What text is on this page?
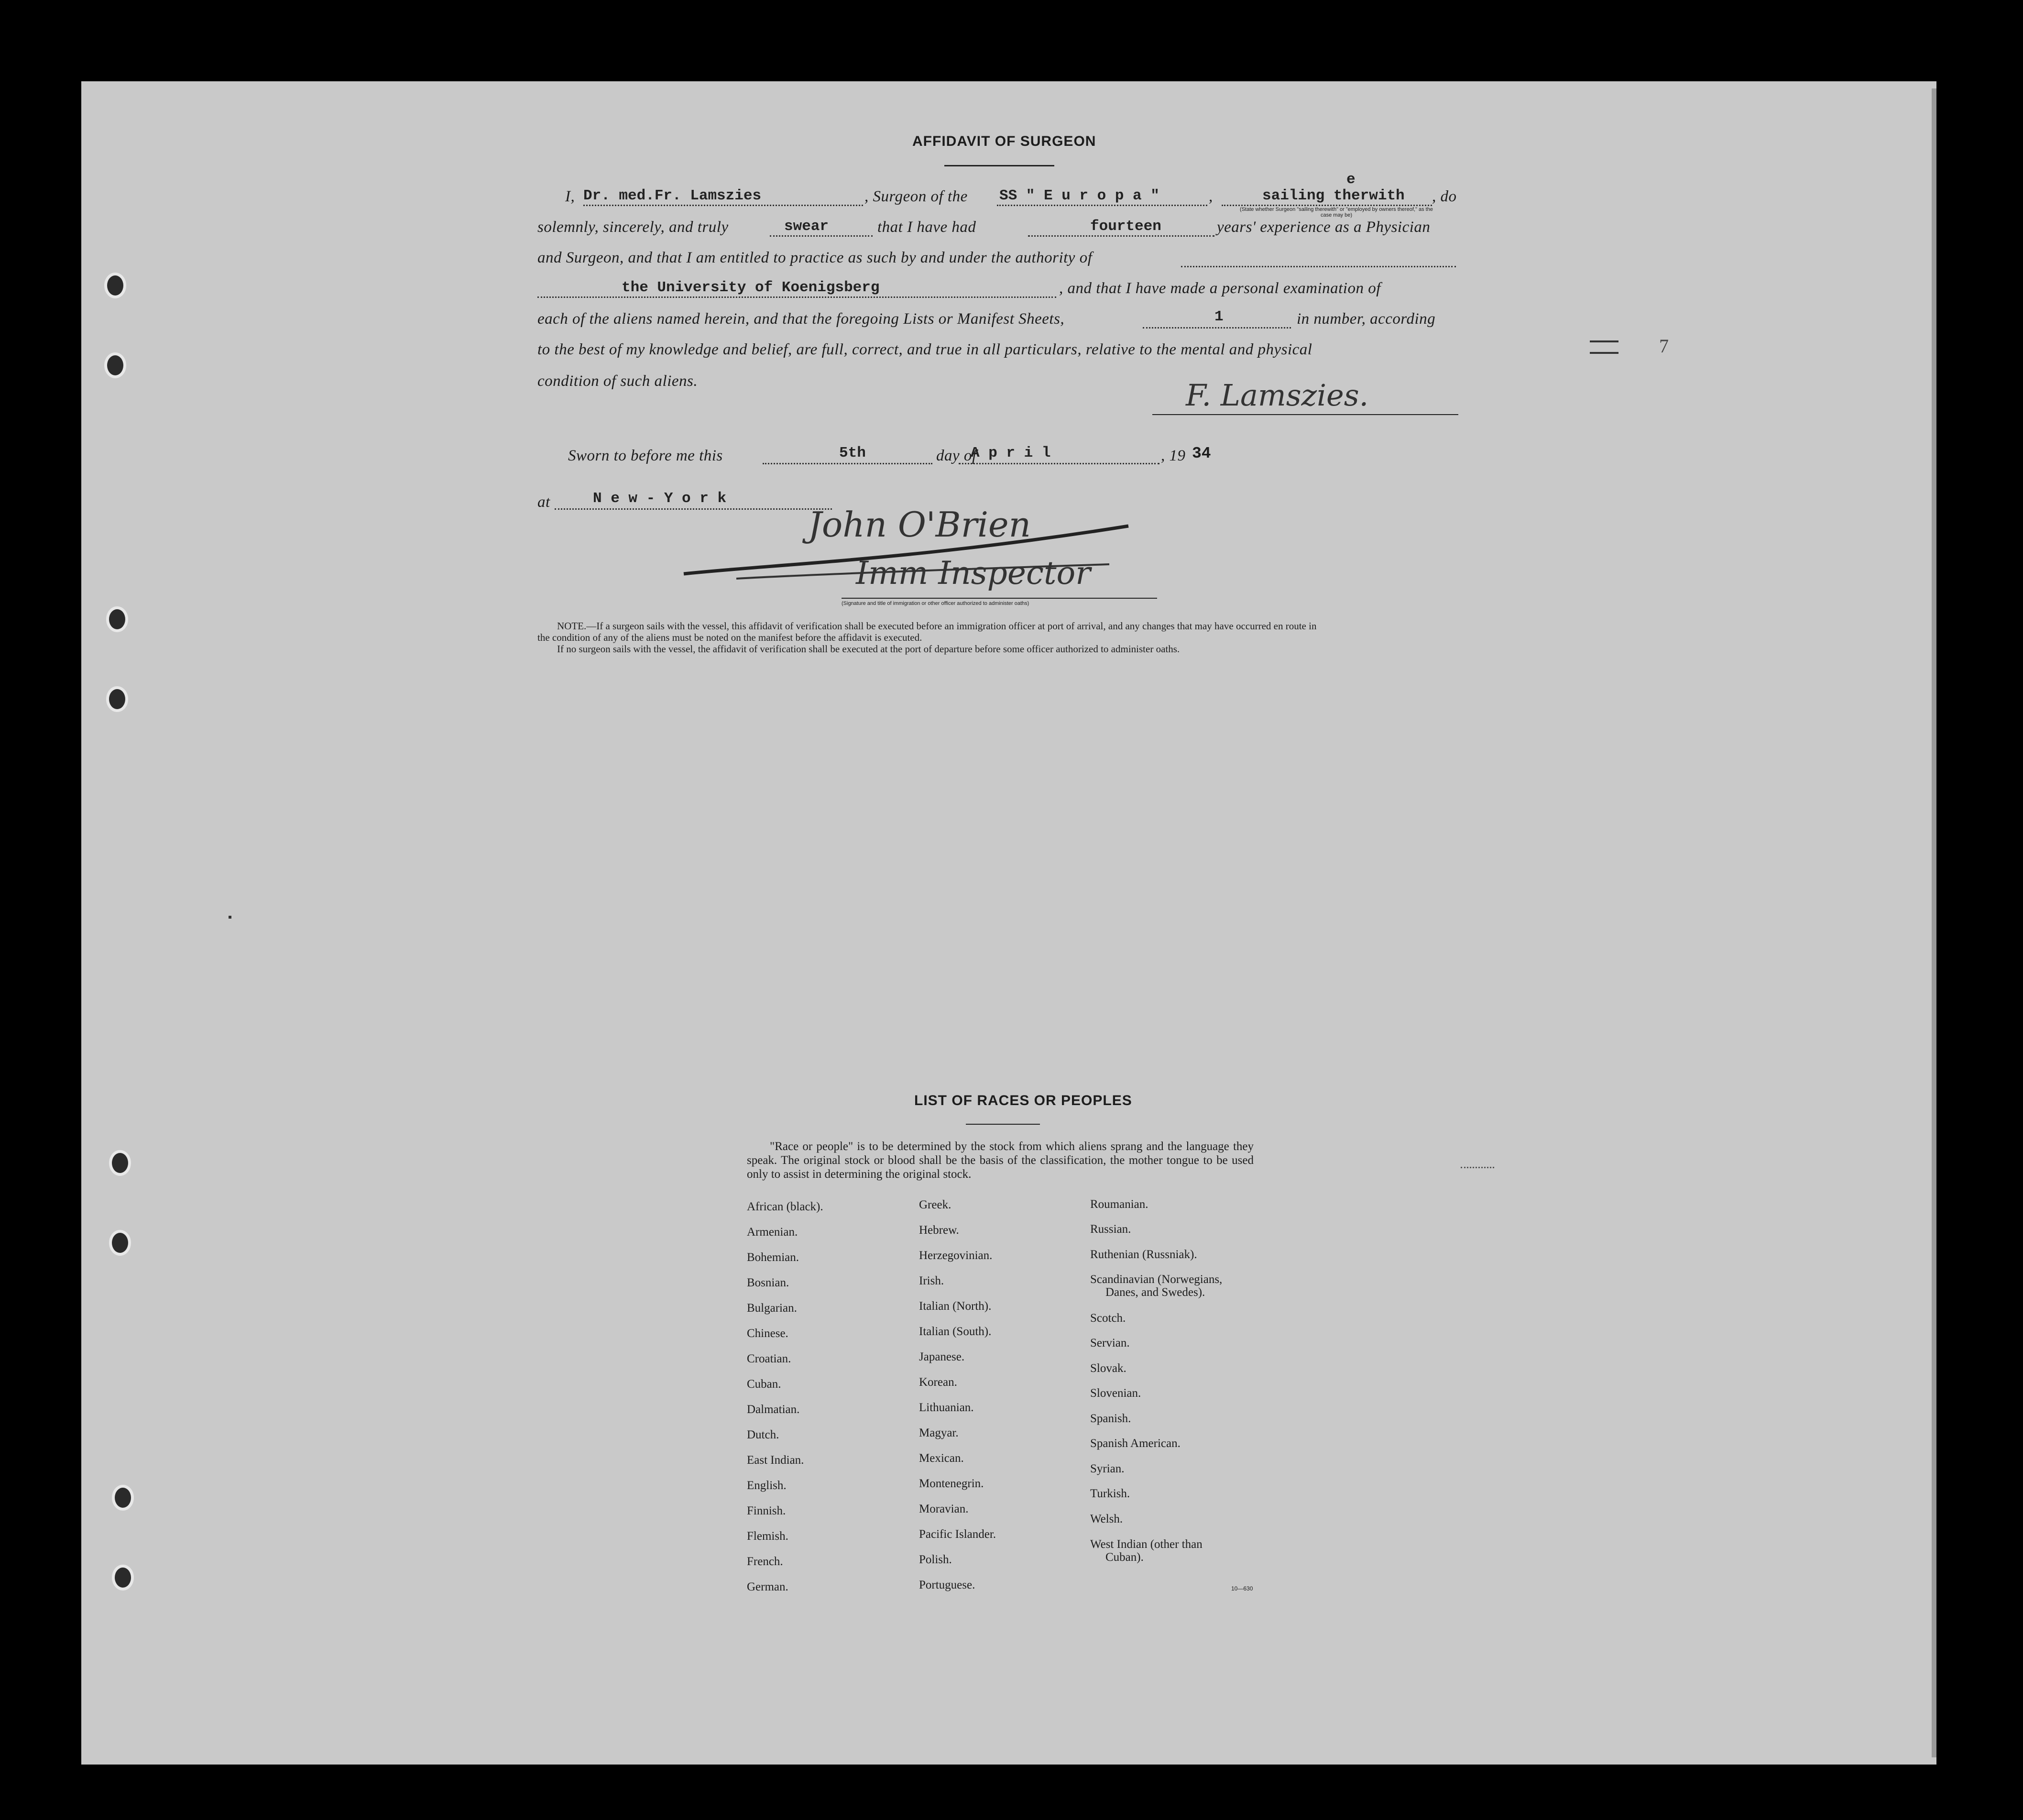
AFFIDAVIT OF SURGEON
I, Dr. med.Fr. Lamszies	, Surgeon of the SS " E u r o p a "	,
e
sailing therwith
(State whether Surgeon "sailing therewith" or "employed by owners thereof," as the case may be)
, do
solemnly, sincerely, and truly	swear	that I have had	fourteen	years' experience as a Physician
and Surgeon, and that I am entitled to practice as such by and under the authority of
the University of Koenigsberg	, and that I have made a personal examination of
each of the aliens named herein, and that the foregoing Lists or Manifest Sheets,	1	in number, according
to the best of my knowledge and belief, are full, correct, and true in all particulars, relative to the mental and physical
condition of such aliens.	F. Lamszies.
7
Sworn to before me this	5th	day of
A p r i l	, 19 34
at	N e w - Y o r k
John O'Brien
Imm Inspector
(Signature and title of immigration or other officer authorized to administer oaths)
NOTE.—If a surgeon sails with the vessel, this affidavit of verification shall be executed before an immigration officer at port of arrival, and any changes that may have occurred en route in
the condition of any of the aliens must be noted on the manifest before the affidavit is executed.
If no surgeon sails with the vessel, the affidavit of verification shall be executed at the port of departure before some officer authorized to administer oaths.
LIST OF RACES OR PEOPLES
"Race or people" is to be determined by the stock from which aliens sprang and the language they speak. The original stock or blood shall be the basis of the classification, the mother tongue to be used only to assist in determining the original stock.
African (black).
Armenian.
Bohemian.
Bosnian.
Bulgarian.
Chinese.
Croatian.
Cuban.
Dalmatian.
Dutch.
East Indian.
English.
Finnish.
Flemish.
French.
German.
Greek.
Hebrew.
Herzegovinian.
Irish.
Italian (North).
Italian (South).
Japanese.
Korean.
Lithuanian.
Magyar.
Mexican.
Montenegrin.
Moravian.
Pacific Islander.
Polish.
Portuguese.
Roumanian.
Russian.
Ruthenian (Russniak).
Scandinavian (Norwegians,
Danes, and Swedes).
Scotch.
Servian.
Slovak.
Slovenian.
Spanish.
Spanish American.
Syrian.
Turkish.
Welsh.
West Indian (other than
Cuban).
10—630
